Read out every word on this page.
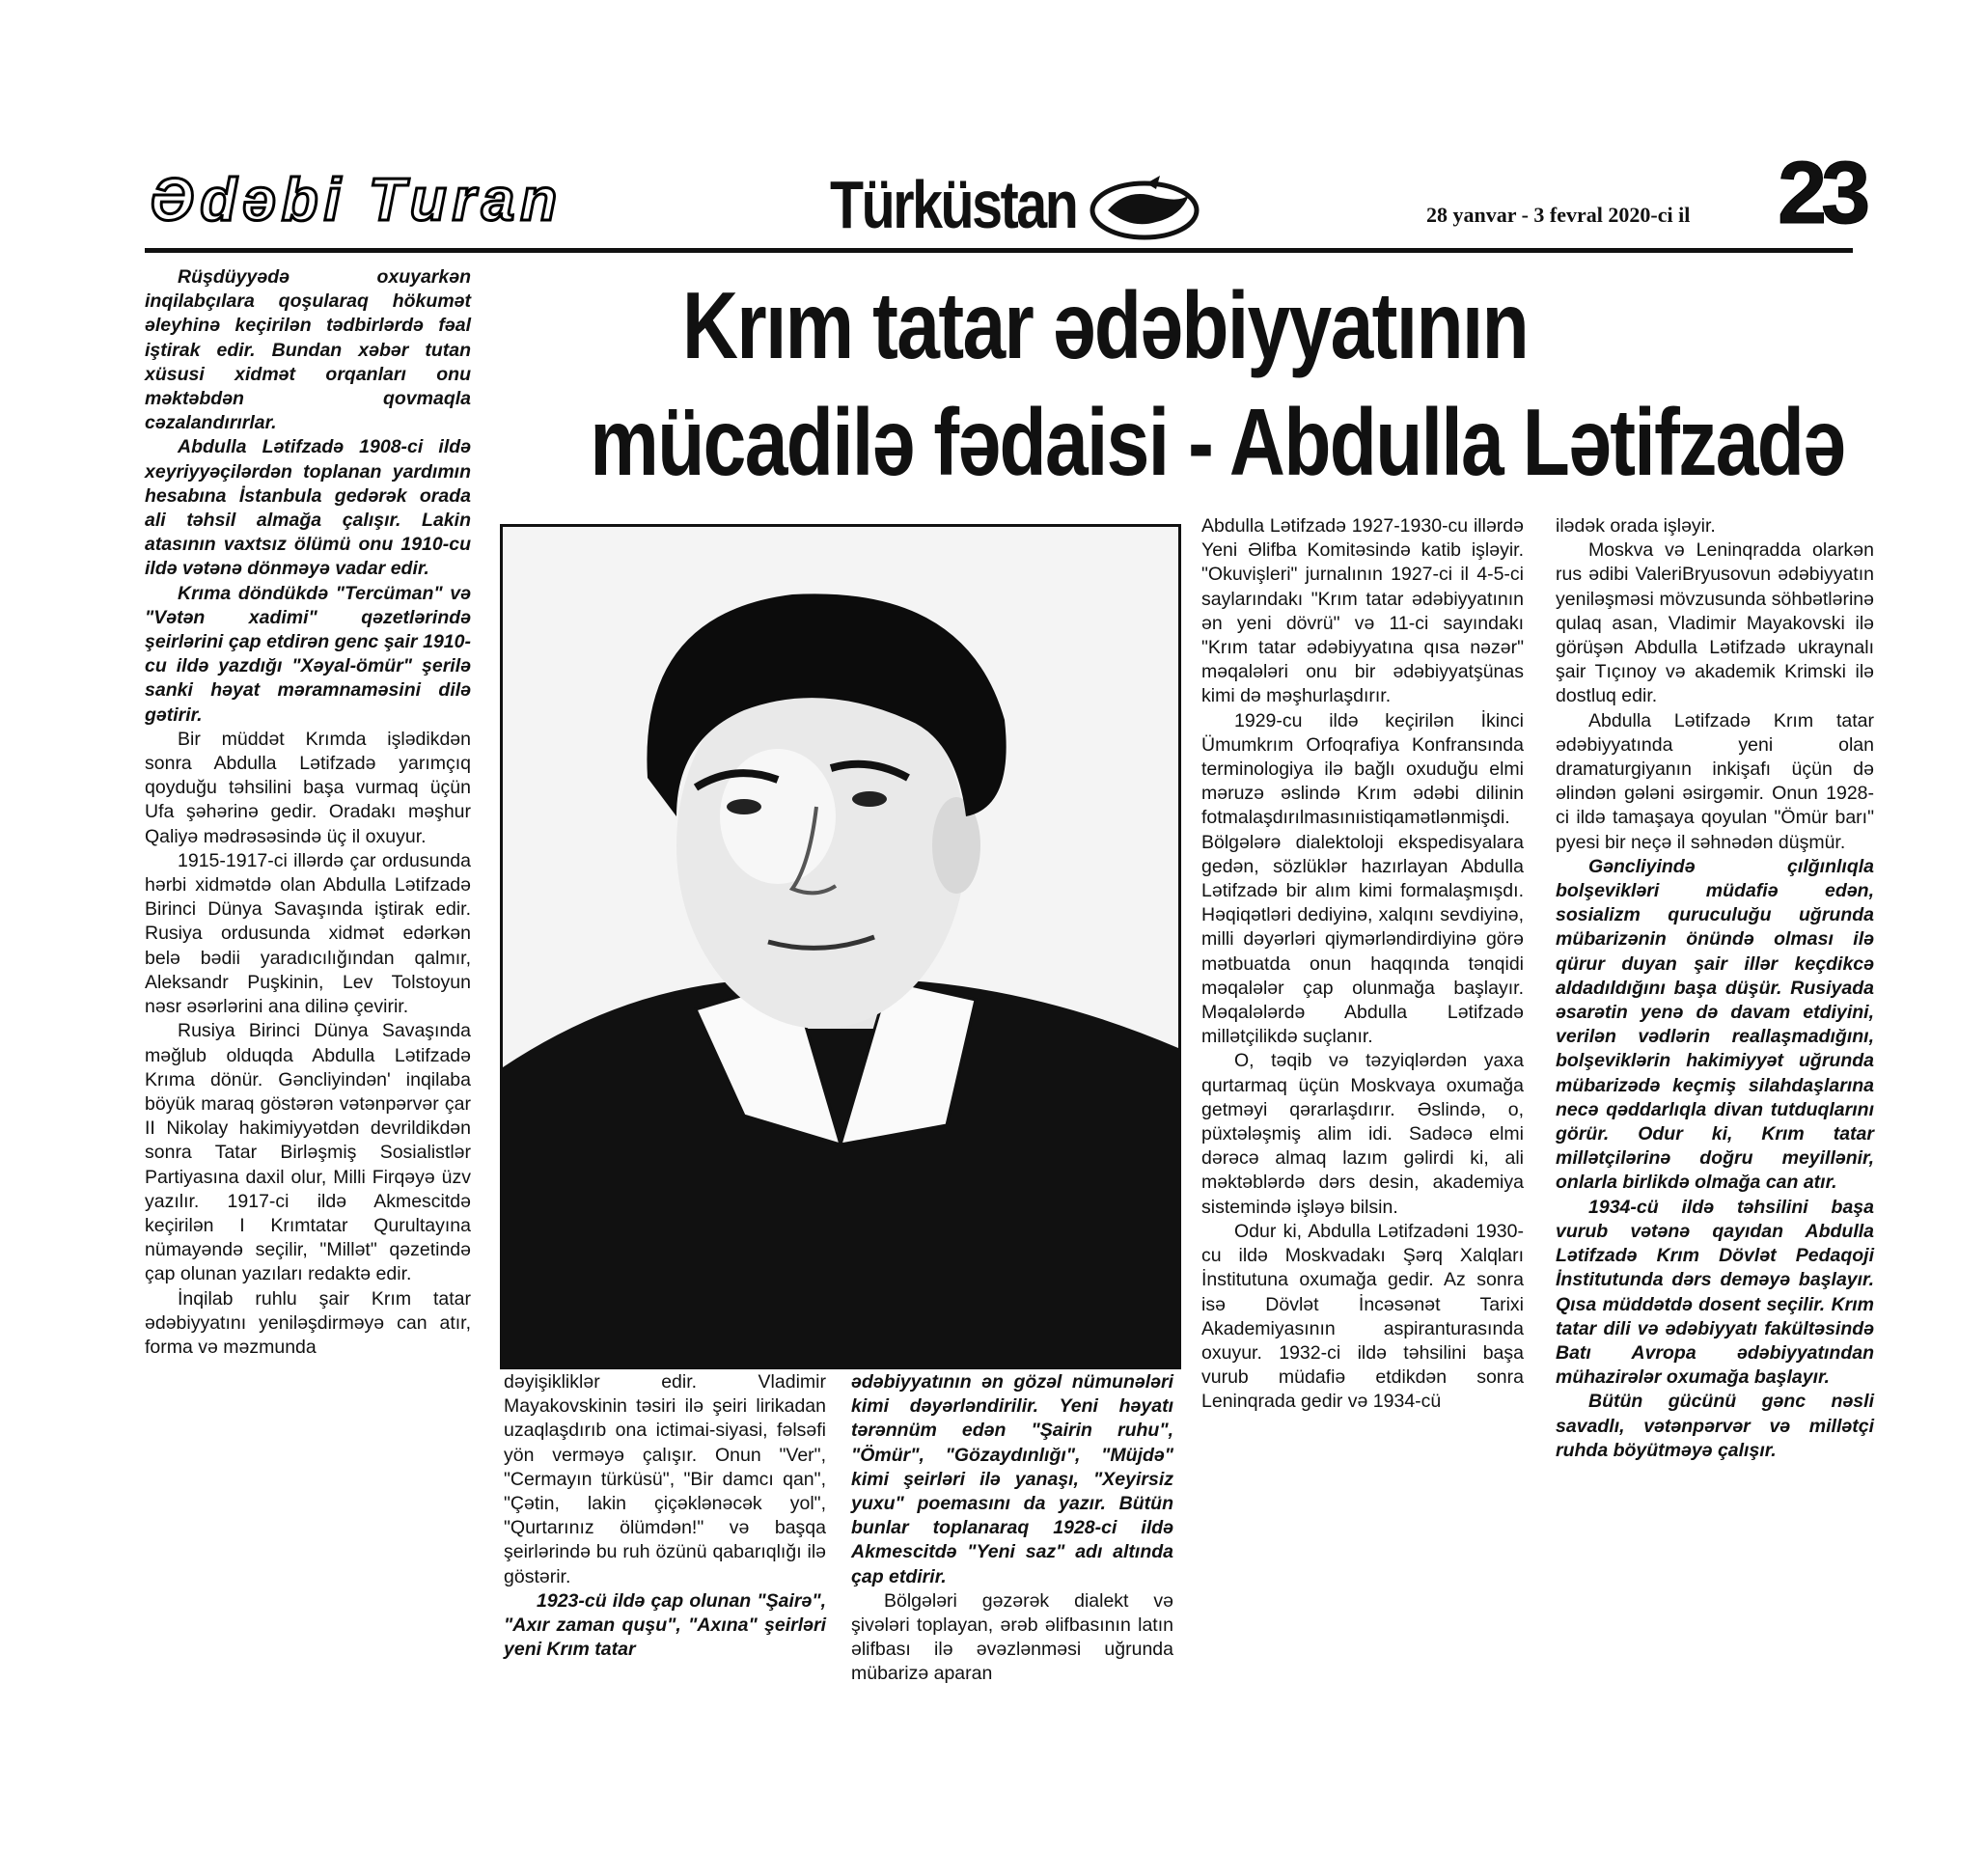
Ədəbi Turan	Türküstan	28 yanvar - 3 fevral 2020-ci il 23
Krım tatar ədəbiyyatının
mücadilə fədaisi - Abdulla Lətifzadə

Rüşdüyyədə oxuyarkən inqilabçılara qoşularaq hökumət əleyhinə keçirilən tədbirlərdə fəal iştirak edir. Bundan xəbər tutan xüsusi xidmət orqanları onu məktəbdən qovmaqla cəzalandırırlar.

Abdulla Lətifzadə 1908-ci ildə xeyriyyəçilərdən toplanan yardımın hesabına İstanbula gedərək orada ali təhsil almağa çalışır. Lakin atasının vaxtsız ölümü onu 1910-cu ildə vətənə dönməyə vadar edir.

Krıma döndükdə "Tercüman" və "Vətən xadimi" qəzetlərində şeirlərini çap etdirən genc şair 1910-cu ildə yazdığı "Xəyal-ömür" şerilə sanki həyat məramnaməsini dilə gətirir.

Bir müddət Krımda işlədikdən sonra Abdulla Lətifzadə yarımçıq qoyduğu təhsilini başa vurmaq üçün Ufa şəhərinə gedir. Oradakı məşhur Qaliyə mədrəsəsində üç il oxuyur.

1915-1917-ci illərdə çar ordusunda hərbi xidmətdə olan Abdulla Lətifzadə Birinci Dünya Savaşında iştirak edir. Rusiya ordusunda xidmət edərkən belə bədii yaradıcılığından qalmır, Aleksandr Puşkinin, Lev Tolstoyun nəsr əsərlərini ana dilinə çevirir.

Rusiya Birinci Dünya Savaşında məğlub olduqda Abdulla Lətifzadə Krıma dönür. Gəncliyindən' inqilaba böyük maraq göstərən vətənpərvər çar II Nikolay hakimiyyətdən devrildikdən sonra Tatar Birləşmiş Sosialistlər Partiyasına daxil olur, Milli Firqəyə üzv yazılır. 1917-ci ildə Akmescitdə keçirilən I Krımtatar Qurultayına nümayəndə seçilir, "Millət" qəzetində çap olunan yazıları redaktə edir.

İnqilab ruhlu şair Krım tatar ədəbiyyatını yeniləşdirməyə can atır, forma və məzmunda

dəyişikliklər edir. Vladimir Mayakovskinin təsiri ilə şeiri lirikadan uzaqlaşdırıb ona ictimai-siyasi, fəlsəfi yön verməyə çalışır. Onun "Ver", "Cermayın türküsü", "Bir damcı qan", "Çətin, lakin çiçəklənəcək yol", "Qurtarınız ölümdən!" və başqa şeirlərində bu ruh özünü qabarıqlığı ilə göstərir.

1923-cü ildə çap olunan "Şairə", "Axır zaman quşu", "Axına" şeirləri yeni Krım tatar

ədəbiyyatının ən gözəl nümunələri kimi dəyərləndirilir. Yeni həyatı tərənnüm edən "Şairin ruhu", "Ömür", "Gözaydınlığı", "Müjdə" kimi şeirləri ilə yanaşı, "Xeyirsiz yuxu" poemasını da yazır. Bütün bunlar toplanaraq 1928-ci ildə Akmescitdə "Yeni saz" adı altında çap etdirir.

Bölgələri gəzərək dialekt və şivələri toplayan, ərəb əlifbasının latın əlifbası ilə əvəzlənməsi uğrunda mübarizə aparan

Abdulla Lətifzadə 1927-1930-cu illərdə Yeni Əlifba Komitəsində katib işləyir. "Okuvişleri" jurnalının 1927-ci il 4-5-ci saylarındakı "Krım tatar ədəbiyyatının ən yeni dövrü" və 11-ci sayındakı "Krım tatar ədəbiyyatına qısa nəzər" məqalələri onu bir ədəbiyyatşünas kimi də məşhurlaşdırır.

1929-cu ildə keçirilən İkinci Ümumkrım Orfoqrafiya Konfransında terminologiya ilə bağlı oxuduğu elmi məruzə əslində Krım ədəbi dilinin fotmalaşdırılmasınıistiqamətlənmişdi. Bölgələrə dialektoloji ekspedisyalara gedən, sözlüklər hazırlayan Abdulla Lətifzadə bir alım kimi formalaşmışdı. Həqiqətləri dediyinə, xalqını sevdiyinə, milli dəyərləri qiymərləndirdiyinə görə mətbuatda onun haqqında tənqidi məqalələr çap olunmağa başlayır. Məqalələrdə Abdulla Lətifzadə millətçilikdə suçlanır.

O, təqib və təzyiqlərdən yaxa qurtarmaq üçün Moskvaya oxumağa getməyi qərarlaşdırır. Əslində, o, püxtələşmiş alim idi. Sadəcə elmi dərəcə almaq lazım gəlirdi ki, ali məktəblərdə dərs desin, akademiya sistemində işləyə bilsin.

Odur ki, Abdulla Lətifzadəni 1930-cu ildə Moskvadakı Şərq Xalqları İnstitutuna oxumağa gedir. Az sonra isə Dövlət İncəsənət Tarixi Akademiyasının aspiranturasında oxuyur. 1932-ci ildə təhsilini başa vurub müdafiə etdikdən sonra Leninqrada gedir və 1934-cü

ilədək orada işləyir.

Moskva və Leninqradda olarkən rus ədibi ValeriBryusovun ədəbiyyatın yeniləşməsi mövzusunda söhbətlərinə qulaq asan, Vladimir Mayakovski ilə görüşən Abdulla Lətifzadə ukraynalı şair Tıçınoy və akademik Krimski ilə dostluq edir.

Abdulla Lətifzadə Krım tatar ədəbiyyatında yeni olan dramaturgiyanın inkişafı üçün də əlindən gələni əsirgəmir. Onun 1928-ci ildə tamaşaya qoyulan "Ömür barı" pyesi bir neçə il səhnədən düşmür.

Gəncliyində çılğınlıqla bolşevikləri müdafiə edən, sosializm quruculuğu uğrunda mübarizənin önündə olması ilə qürur duyan şair illər keçdikcə aldadıldığını başa düşür. Rusiyada əsarətin yenə də davam etdiyini, verilən vədlərin reallaşmadığını, bolşeviklərin hakimiyyət uğrunda mübarizədə keçmiş silahdaşlarına necə qəddarlıqla divan tutduqlarını görür. Odur ki, Krım tatar millətçilərinə doğru meyillənir, onlarla birlikdə olmağa can atır.

1934-cü ildə təhsilini başa vurub vətənə qayıdan Abdulla Lətifzadə Krım Dövlət Pedaqoji İnstitutunda dərs deməyə başlayır. Qısa müddətdə dosent seçilir. Krım tatar dili və ədəbiyyatı fakültəsində Batı Avropa ədəbiyyatından mühazirələr oxumağa başlayır.

Bütün gücünü gənc nəsli savadlı, vətənpərvər və millətçi ruhda böyütməyə çalışır.
